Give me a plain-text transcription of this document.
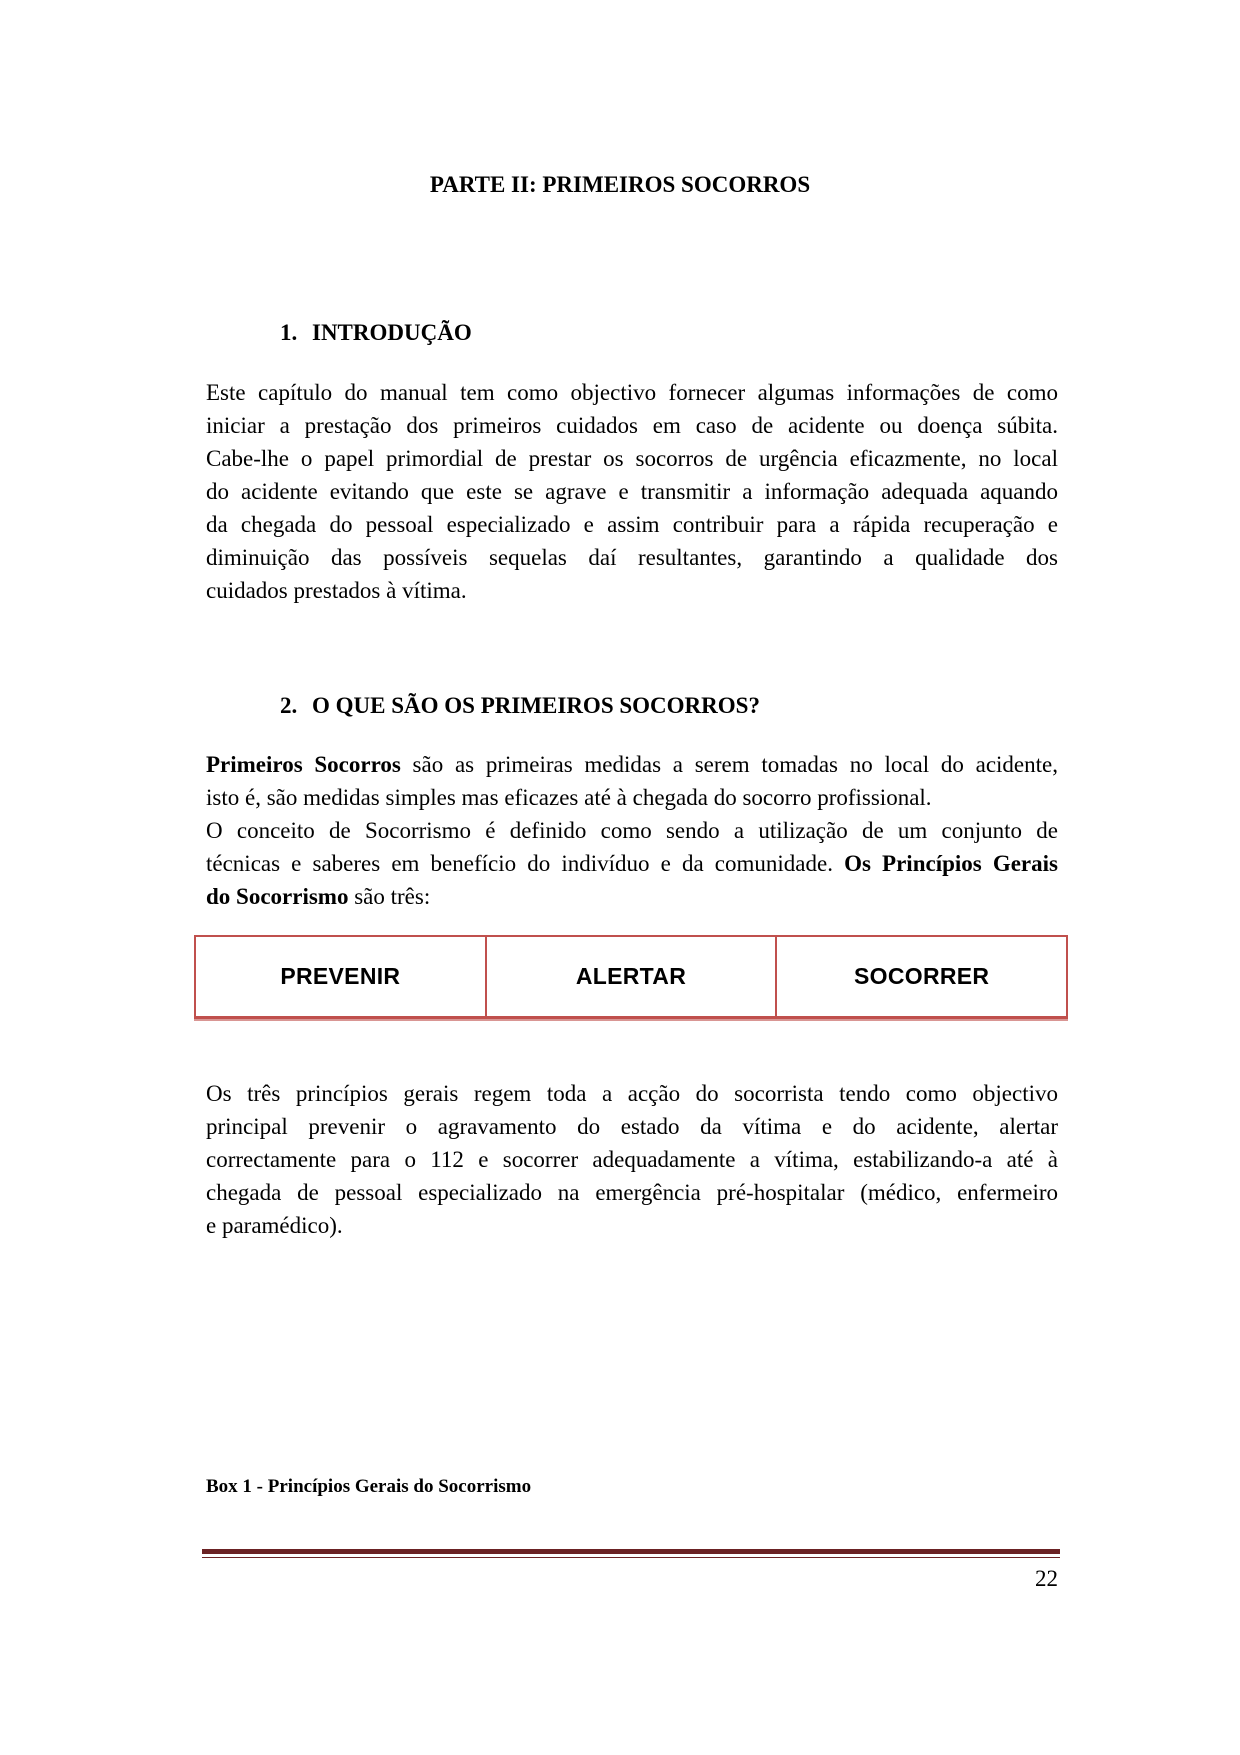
PARTE II: PRIMEIROS SOCORROS
1. INTRODUÇÃO
Este capítulo do manual tem como objectivo fornecer algumas informações de como
iniciar a prestação dos primeiros cuidados em caso de acidente ou doença súbita.
Cabe-lhe o papel primordial de prestar os socorros de urgência eficazmente, no local
do acidente evitando que este se agrave e transmitir a informação adequada aquando
da chegada do pessoal especializado e assim contribuir para a rápida recuperação e
diminuição das possíveis sequelas daí resultantes, garantindo a qualidade dos
cuidados prestados à vítima.
2. O QUE SÃO OS PRIMEIROS SOCORROS?
Primeiros Socorros são as primeiras medidas a serem tomadas no local do acidente,
isto é, são medidas simples mas eficazes até à chegada do socorro profissional.
O conceito de Socorrismo é definido como sendo a utilização de um conjunto de
técnicas e saberes em benefício do indivíduo e da comunidade. Os Princípios Gerais
do Socorrismo são três:
PREVENIR	ALERTAR	SOCORRER
Os três princípios gerais regem toda a acção do socorrista tendo como objectivo
principal prevenir o agravamento do estado da vítima e do acidente, alertar
correctamente para o 112 e socorrer adequadamente a vítima, estabilizando-a até à
chegada de pessoal especializado na emergência pré-hospitalar (médico, enfermeiro
e paramédico).

Box 1 - Princípios Gerais do Socorrismo

22
